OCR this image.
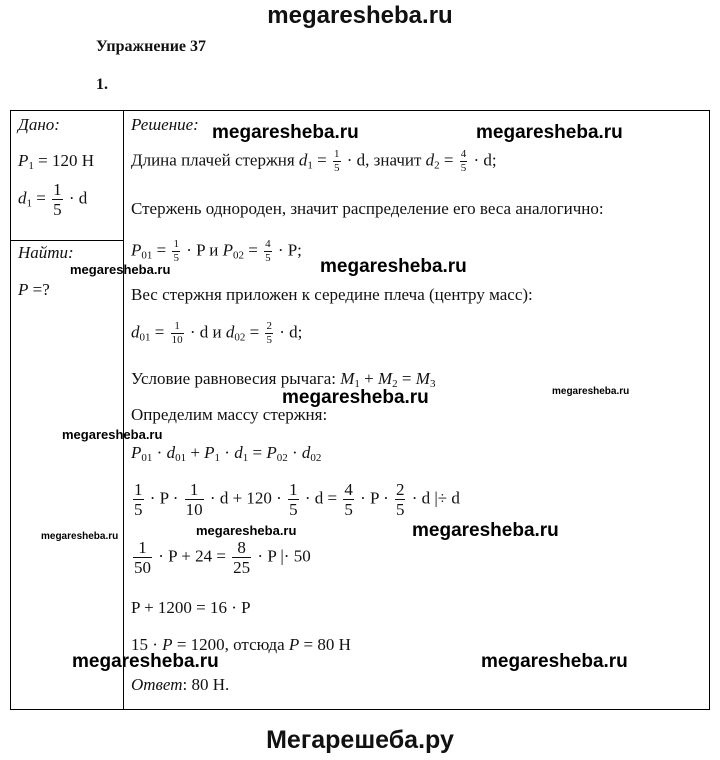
megaresheba.ru
Упражнение 37
1.
Дано:
$P_1 = 120$ Н
$d_1 = \frac{1}{5} \cdot d$
Найти:
P =?
Решение:
Длина плачей стержня $d_1 = \frac{1}{5} \cdot d$, значит $d_2 = \frac{4}{5} \cdot d$;
Стержень однороден, значит распределение его веса аналогично:
$P_{01} = \frac{1}{5} \cdot P$ и $P_{02} = \frac{4}{5} \cdot P$;
Вес стержня приложен к середине плеча (центру масс):
$d_{01} = \frac{1}{10} \cdot d$ и $d_{02} = \frac{2}{5} \cdot d$;
Условие равновесия рычага: $M_1 + M_2 = M_3$
Определим массу стержня:
$P_{01} \cdot d_{01} + P_1 \cdot d_1 = P_{02} \cdot d_{02}$
$\frac{1}{5} \cdot P \cdot \frac{1}{10} \cdot d + 120 \cdot \frac{1}{5} \cdot d = \frac{4}{5} \cdot P \cdot \frac{2}{5} \cdot d$ |÷ d
$\frac{1}{50} \cdot P + 24 = \frac{8}{25} \cdot P$ |· 50
P + 1200 = 16 · P
15 · P = 1200, отсюда P = 80 Н
Ответ: 80 Н.
megaresheba.ru	megaresheba.ru
megaresheba.ru
megaresheba.ru
megaresheba.ru	megaresheba.ru
megaresheba.ru
megaresheba.ru
megaresheba.ru
megaresheba.ru
megaresheba.ru	megaresheba.ru
Мегарешеба.ру
